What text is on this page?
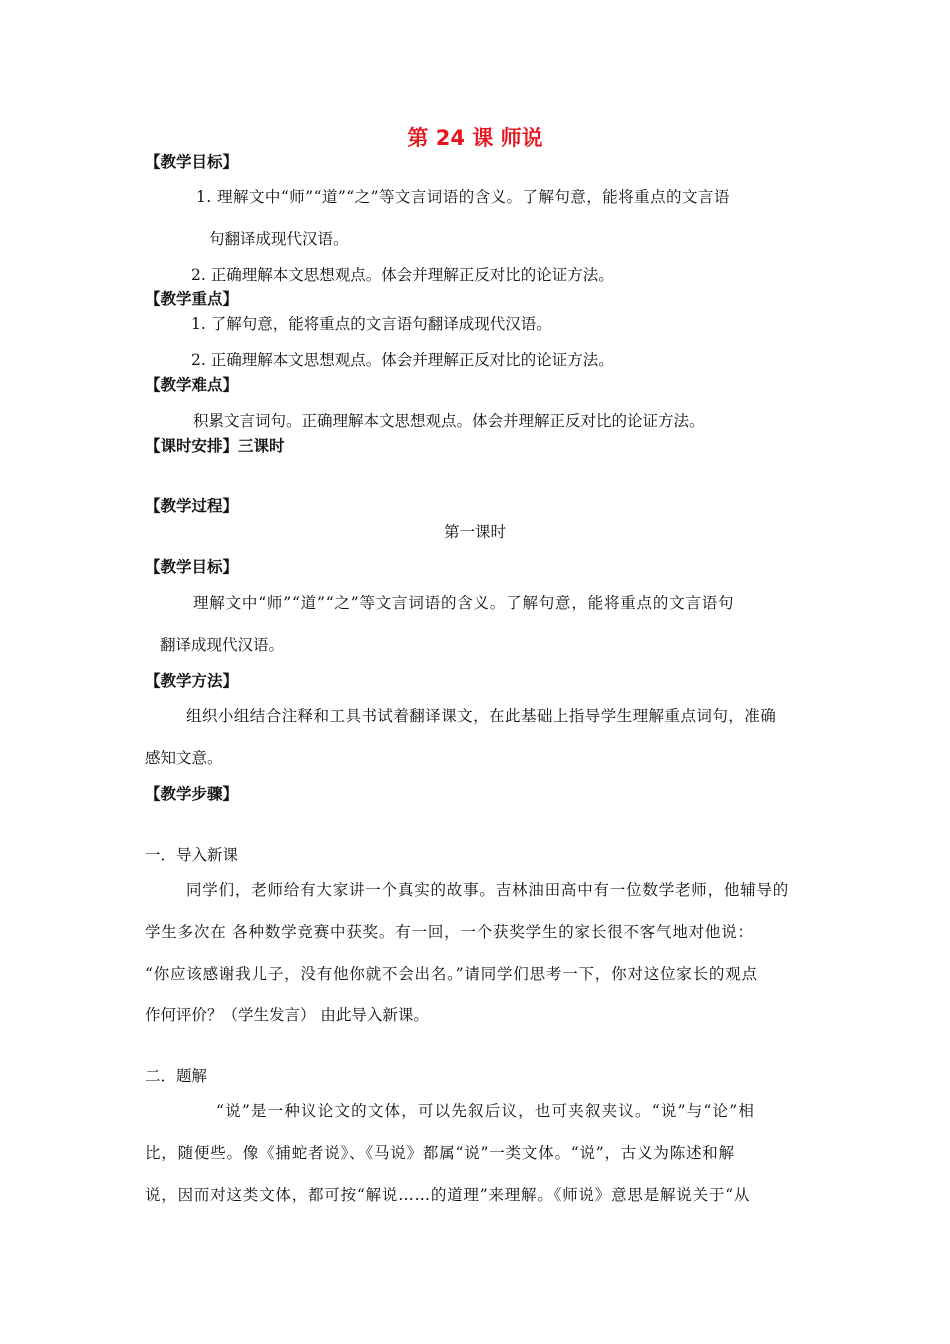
第 24 课 师说
【教学目标】
1. 理解文中“师”“道”“之”等文言词语的含义。了解句意，能将重点的文言语
句翻译成现代汉语。
2. 正确理解本文思想观点。体会并理解正反对比的论证方法。
【教学重点】
1. 了解句意，能将重点的文言语句翻译成现代汉语。
2. 正确理解本文思想观点。体会并理解正反对比的论证方法。
【教学难点】
积累文言词句。正确理解本文思想观点。体会并理解正反对比的论证方法。
【课时安排】三课时
【教学过程】
第一课时
【教学目标】
理解文中“师”“道”“之”等文言词语的含义。了解句意，能将重点的文言语句
翻译成现代汉语。
【教学方法】
组织小组结合注释和工具书试着翻译课文，在此基础上指导学生理解重点词句，准确
感知文意。
【教学步骤】
一．导入新课
同学们，老师给有大家讲一个真实的故事。吉林油田高中有一位数学老师，他辅导的
学生多次在 各种数学竞赛中获奖。有一回，一个获奖学生的家长很不客气地对他说：
“你应该感谢我儿子，没有他你就不会出名。”请同学们思考一下，你对这位家长的观点
作何评价？（学生发言） 由此导入新课。
二．题解
“说”是一种议论文的文体，可以先叙后议，也可夹叙夹议。“说”与“论”相
比，随便些。像《捕蛇者说》、《马说》都属“说”一类文体。“说”，古义为陈述和解
说，因而对这类文体，都可按“解说……的道理”来理解。《师说》意思是解说关于“从
